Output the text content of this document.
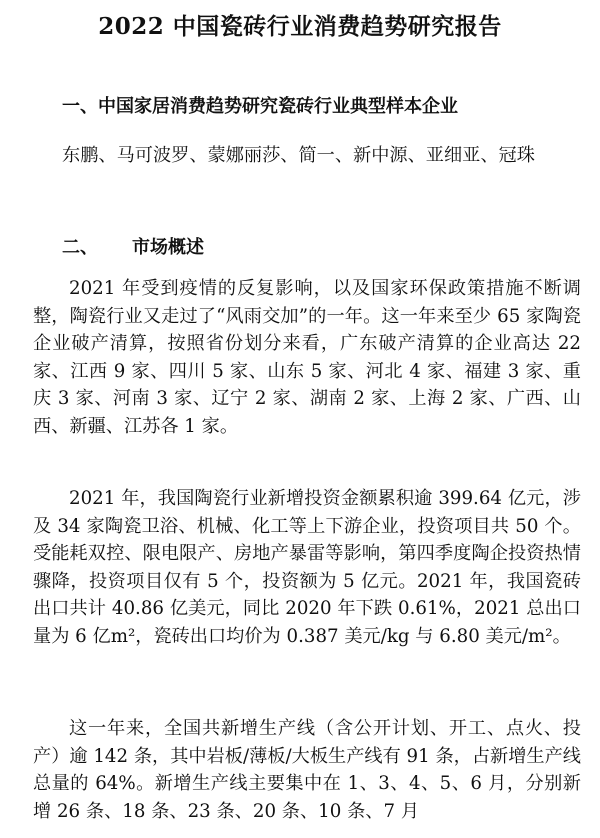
2022 中国瓷砖行业消费趋势研究报告
一、中国家居消费趋势研究瓷砖行业典型样本企业

东鹏、马可波罗、蒙娜丽莎、简一、新中源、亚细亚、冠珠

二、 市场概述

2021 年受到疫情的反复影响，以及国家环保政策措施不断调整，陶瓷行业又走过了“风雨交加”的一年。这一年来至少 65 家陶瓷企业破产清算，按照省份划分来看，广东破产清算的企业高达 22 家、江西 9 家、四川 5 家、山东 5 家、河北 4 家、福建 3 家、重庆 3 家、河南 3 家、辽宁 2 家、湖南 2 家、上海 2 家、广西、山西、新疆、江苏各 1 家。

2021 年，我国陶瓷行业新增投资金额累积逾 399.64 亿元，涉及 34 家陶瓷卫浴、机械、化工等上下游企业，投资项目共 50 个。受能耗双控、限电限产、房地产暴雷等影响，第四季度陶企投资热情骤降，投资项目仅有 5 个，投资额为 5 亿元。2021 年，我国瓷砖出口共计 40.86 亿美元，同比 2020 年下跌 0.61%，2021 总出口量为 6 亿m²，瓷砖出口均价为 0.387 美元/kg 与 6.80 美元/m²。

这一年来，全国共新增生产线（含公开计划、开工、点火、投产）逾 142 条，其中岩板/薄板/大板生产线有 91 条，占新增生产线总量的 64%。新增生产线主要集中在 1、3、4、5、6 月，分别新增 26 条、18 条、23 条、20 条、10 条、7 月
